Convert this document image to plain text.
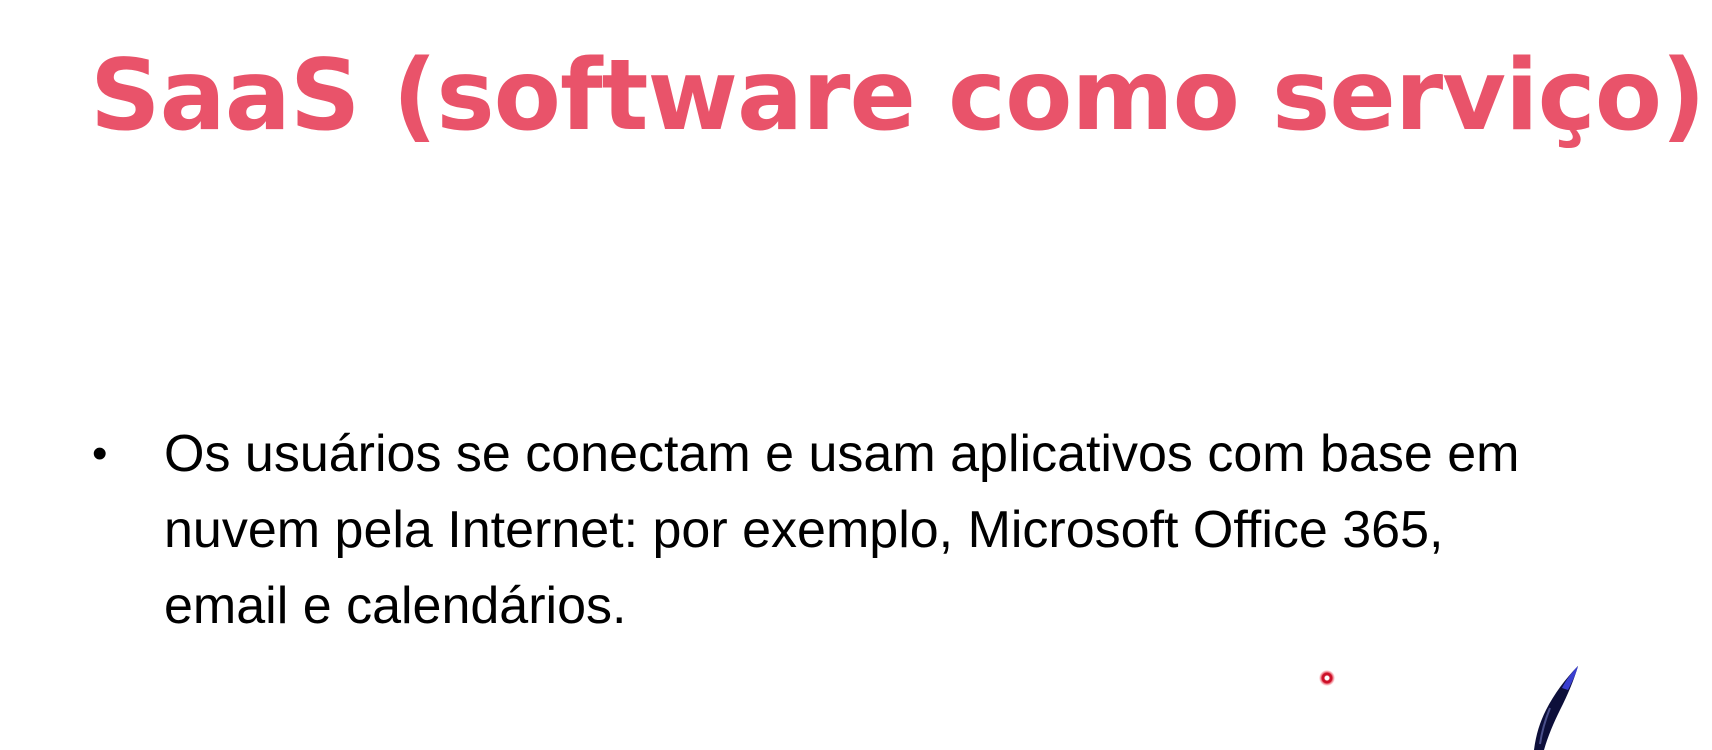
SaaS (software como serviço)
• Os usuários se conectam e usam aplicativos com base em
nuvem pela Internet: por exemplo, Microsoft Office 365,
email e calendários.
